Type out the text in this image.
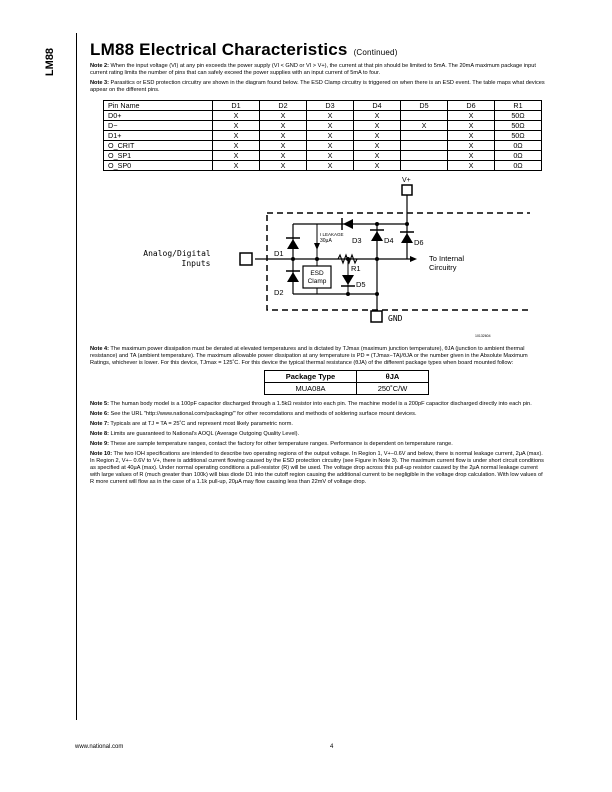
LM88 LM88 Electrical Characteristics (Continued)

Note 2: When the input voltage (VI) at any pin exceeds the power supply (VI < GND or VI > V+), the current at that pin should be limited to 5mA. The 20mA maximum package input current rating limits the number of pins that can safely exceed the power supplies with an input current of 5mA to four.

Note 3: Parasitics or ESD protection circuitry are shown in the diagram found below. The ESD Clamp circuitry is triggered on when there is an ESD event. The table maps what devices appear on the different pins.

Pin Name	D1	D2	D3	D4	D5	D6	R1
D0+	X	X	X	X		X	50Ω
D−	X	X	X	X	X	X	50Ω
D1+	X	X	X	X		X	50Ω
O_CRIT	X	X	X	X		X	0Ω
O_SP1	X	X	X	X		X	0Ω
O_SP0	X	X	X	X		X	0Ω
V+
Analog/Digital
Inputs
D1
D2
I LEAKAGE
30µA	D3
ESD
Clamp
R1
D5
D4	D6
To Internal
Circuitry
GND
10132604

Note 4: The maximum power dissipation must be derated at elevated temperatures and is dictated by TJmax (maximum junction temperature), θJA (junction to ambient thermal resistance) and TA (ambient temperature). The maximum allowable power dissipation at any temperature is PD = (TJmax−TA)/θJA or the number given in the Absolute Maximum Ratings, whichever is lower. For this device, TJmax = 125˚C. For this device the typical thermal resistance (θJA) of the different package types when board mounted follow:

Package Type	θJA
MUA08A	250˚C/W

Note 5: The human body model is a 100pF capacitor discharged through a 1.5kΩ resistor into each pin. The machine model is a 200pF capacitor discharged directly into each pin.

Note 6: See the URL "http://www.national.com/packaging/" for other recomdations and methods of soldering surface mount devices.

Note 7: Typicals are at TJ = TA = 25˚C and represent most likely parametric norm.

Note 8: Limits are guaranteed to National's AOQL (Average Outgoing Quality Level).

Note 9: These are sample temperature ranges, contact the factory for other temperature ranges. Performance is dependent on temperature range.

Note 10: The two IOH specifications are intended to describe two operating regions of the output voltage. In Region 1, V+−0.6V and below, there is normal leakage current, 2µA (max). In Region 2, V+− 0.6V to V+, there is additional current flowing caused by the ESD protection circuitry (see Figure in Note 3). The maximum current flow is under short circuit conditions as specified at 40µA (max). Under normal operating conditions a pull-resistor (R) will be used. The voltage drop across this pull-up resistor caused by the 2µA normal leakage current with large values of R (much greater than 100k) will bias diode D1 into the cutoff region causing the additional current to be negligible in the voltage drop calculation. With low values of R more current will flow as in the case of a 1.1k pull-up, 20µA may flow causing less than 22mV of voltage drop.

www.national.com	4
